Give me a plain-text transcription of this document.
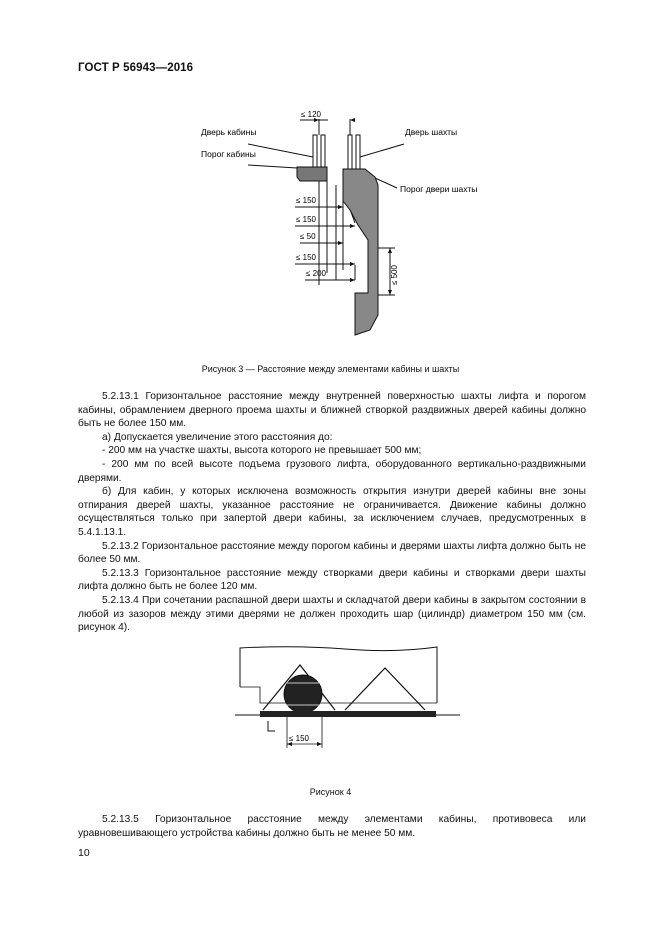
ГОСТ Р 56943—2016
Дверь кабины
Порог кабины
Дверь шахты
Порог двери шахты
≤ 120
≤ 150
≤ 150
≤ 50
≤ 150
≤ 200	≤ 500
Рисунок 3 — Расстояние между элементами кабины и шахты

5.2.13.1 Горизонтальное расстояние между внутренней поверхностью шахты лифта и порогом кабины, обрамлением дверного проема шахты и ближней створкой раздвижных дверей кабины должно быть не более 150 мм.

а) Допускается увеличение этого расстояния до:

- 200 мм на участке шахты, высота которого не превышает 500 мм;

- 200 мм по всей высоте подъема грузового лифта, оборудованного вертикально-раздвижными дверями.

б) Для кабин, у которых исключена возможность открытия изнутри дверей кабины вне зоны отпирания дверей шахты, указанное расстояние не ограничивается. Движение кабины должно осуществляться только при запертой двери кабины, за исключением случаев, предусмотренных в 5.4.1.13.1.

5.2.13.2 Горизонтальное расстояние между порогом кабины и дверями шахты лифта должно быть не более 50 мм.

5.2.13.3 Горизонтальное расстояние между створками двери кабины и створками двери шахты лифта должно быть не более 120 мм.

5.2.13.4 При сочетании распашной двери шахты и складчатой двери кабины в закрытом состоянии в любой из зазоров между этими дверями не должен проходить шар (цилиндр) диаметром 150 мм (см. рисунок 4).

≤ 150
Рисунок 4

5.2.13.5 Горизонтальное расстояние между элементами кабины, противовеса или уравновешивающего устройства кабины должно быть не менее 50 мм.

10
